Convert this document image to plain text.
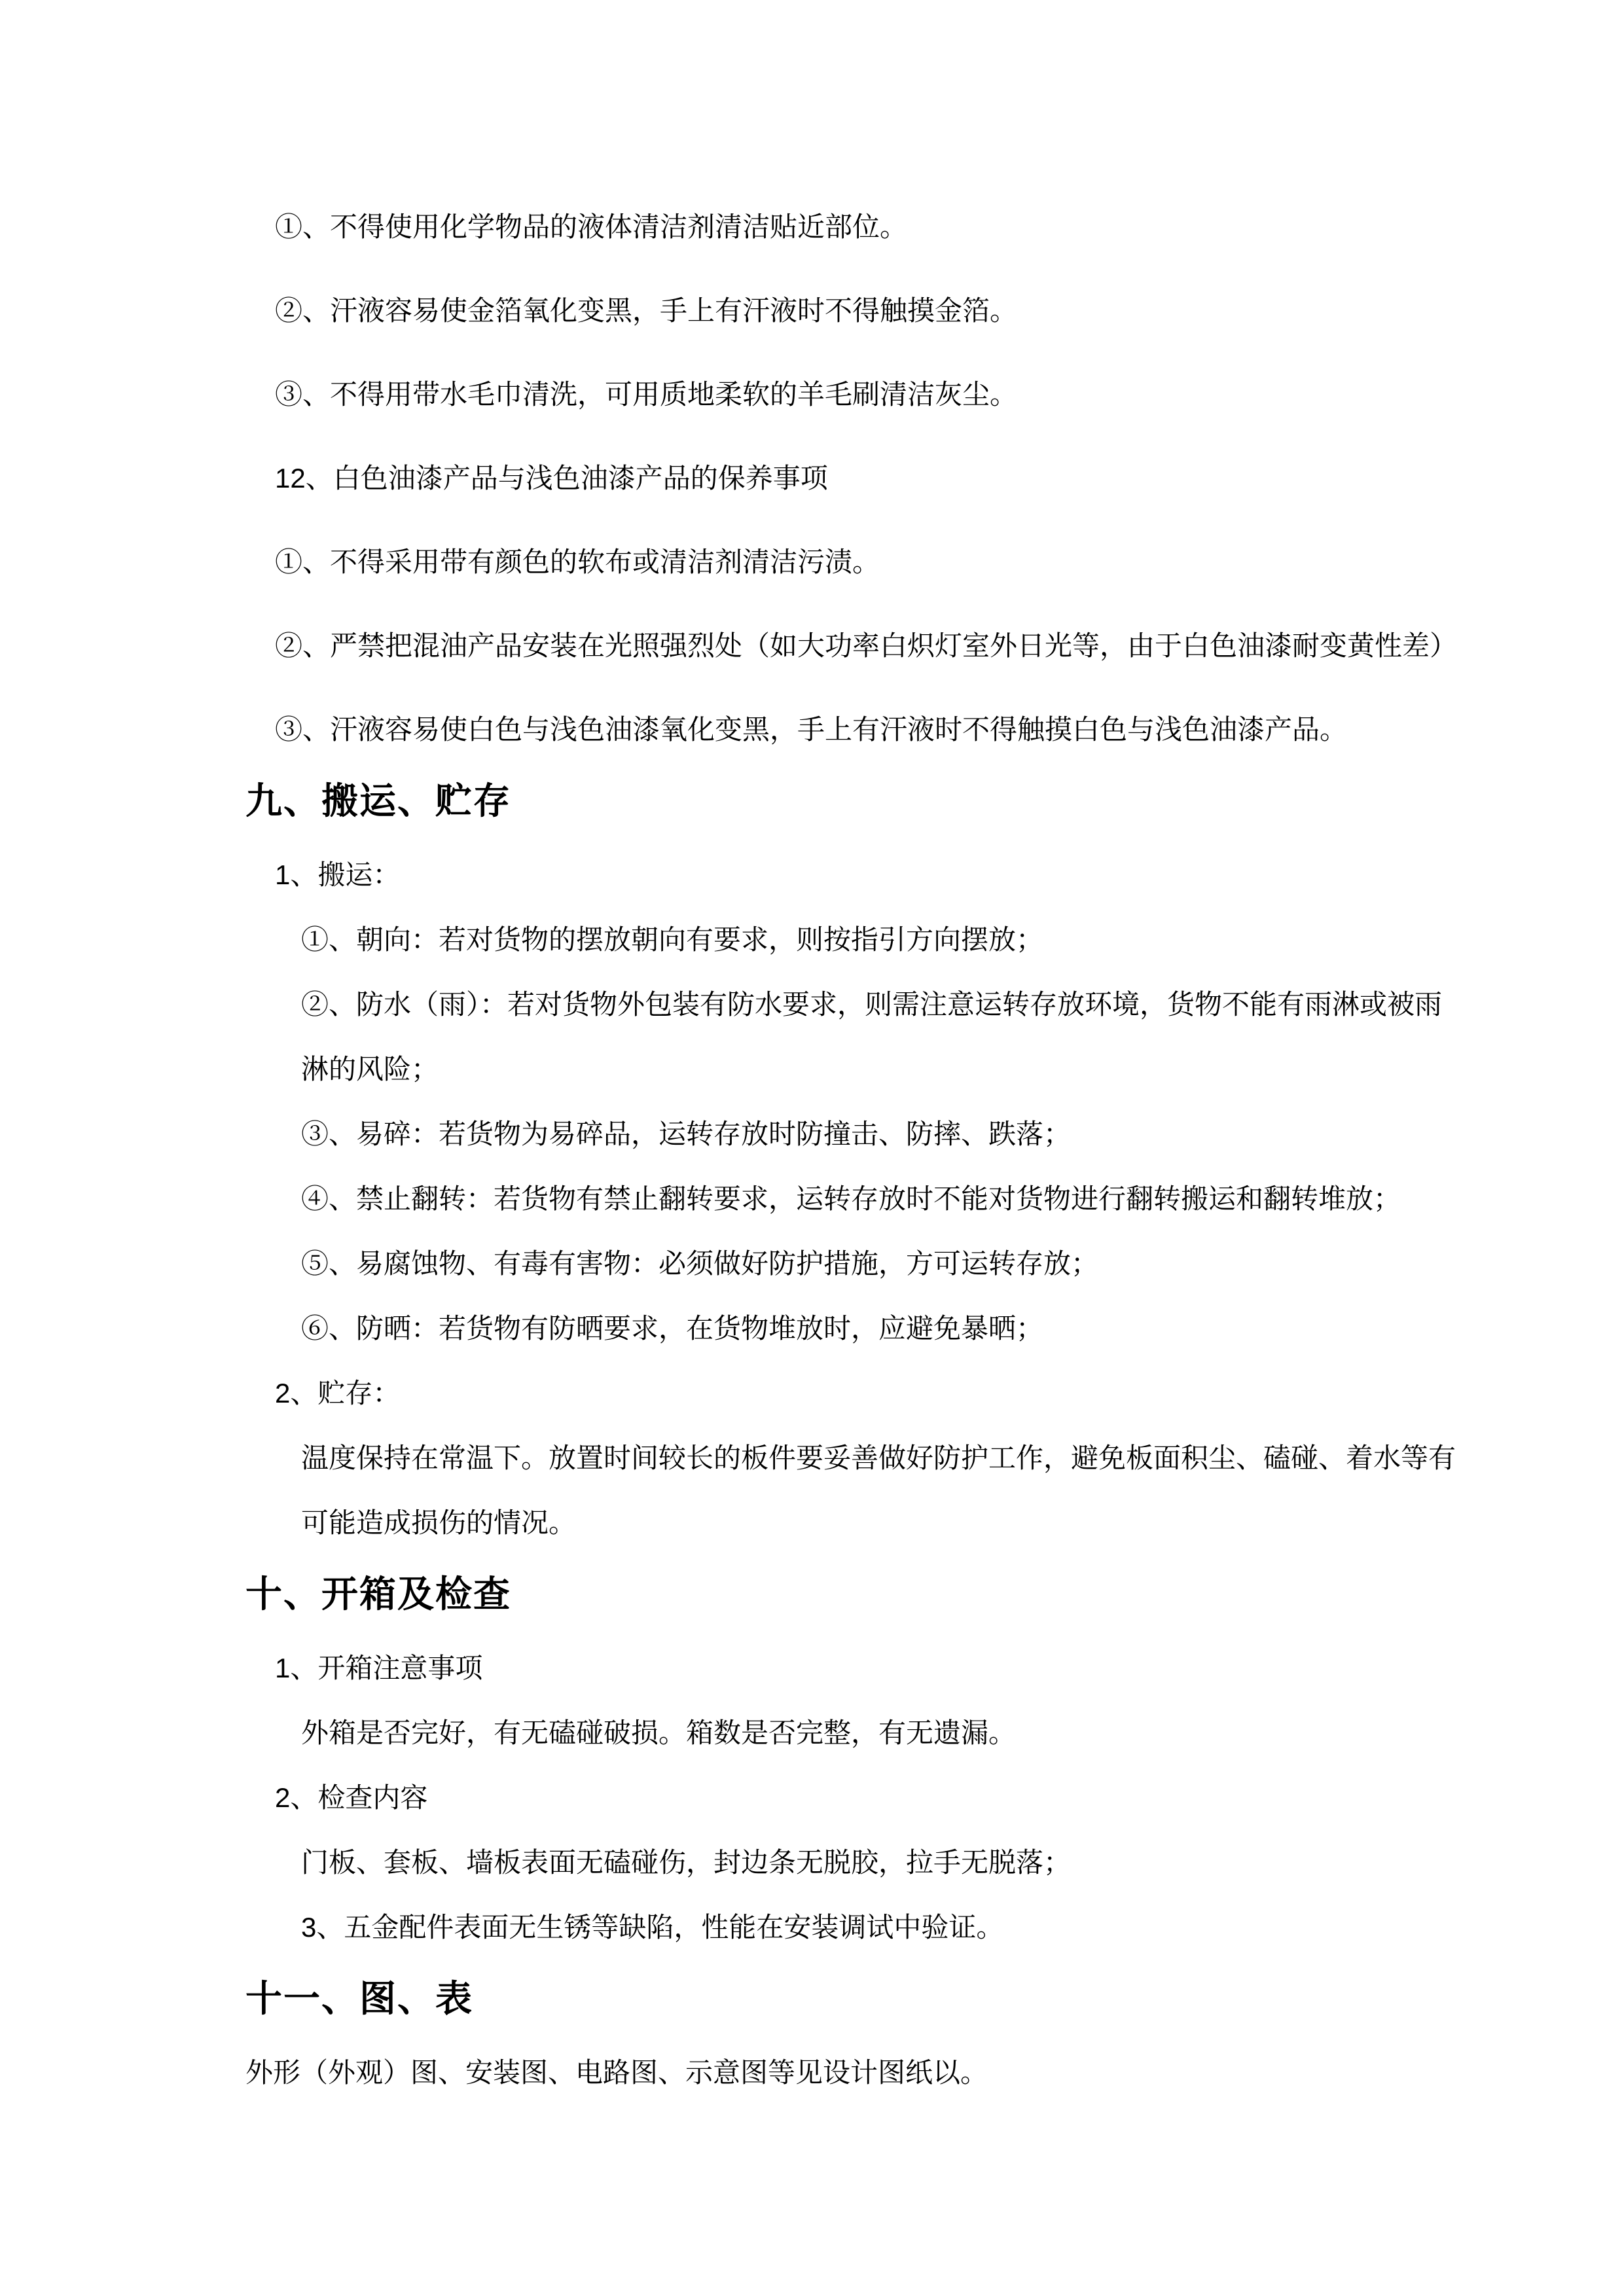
①、不得使用化学物品的液体清洁剂清洁贴近部位。
②、汗液容易使金箔氧化变黑，手上有汗液时不得触摸金箔。
③、不得用带水毛巾清洗，可用质地柔软的羊毛刷清洁灰尘。
12、白色油漆产品与浅色油漆产品的保养事项
①、不得采用带有颜色的软布或清洁剂清洁污渍。
②、严禁把混油产品安装在光照强烈处（如大功率白炽灯室外日光等，由于白色油漆耐变黄性差）
③、汗液容易使白色与浅色油漆氧化变黑，手上有汗液时不得触摸白色与浅色油漆产品。
九、搬运、贮存
1、搬运：
①、朝向：若对货物的摆放朝向有要求，则按指引方向摆放；
②、防水（雨）：若对货物外包装有防水要求，则需注意运转存放环境，货物不能有雨淋或被雨
淋的风险；
③、易碎：若货物为易碎品，运转存放时防撞击、防摔、跌落；
④、禁止翻转：若货物有禁止翻转要求，运转存放时不能对货物进行翻转搬运和翻转堆放；
⑤、易腐蚀物、有毒有害物：必须做好防护措施，方可运转存放；
⑥、防晒：若货物有防晒要求，在货物堆放时，应避免暴晒；
2、贮存：
温度保持在常温下。放置时间较长的板件要妥善做好防护工作，避免板面积尘、磕碰、着水等有
可能造成损伤的情况。
十、开箱及检查
1、开箱注意事项
外箱是否完好，有无磕碰破损。箱数是否完整，有无遗漏。
2、检查内容
门板、套板、墙板表面无磕碰伤，封边条无脱胶，拉手无脱落；
3、五金配件表面无生锈等缺陷，性能在安装调试中验证。
十一、图、表
外形（外观）图、安装图、电路图、示意图等见设计图纸以。
